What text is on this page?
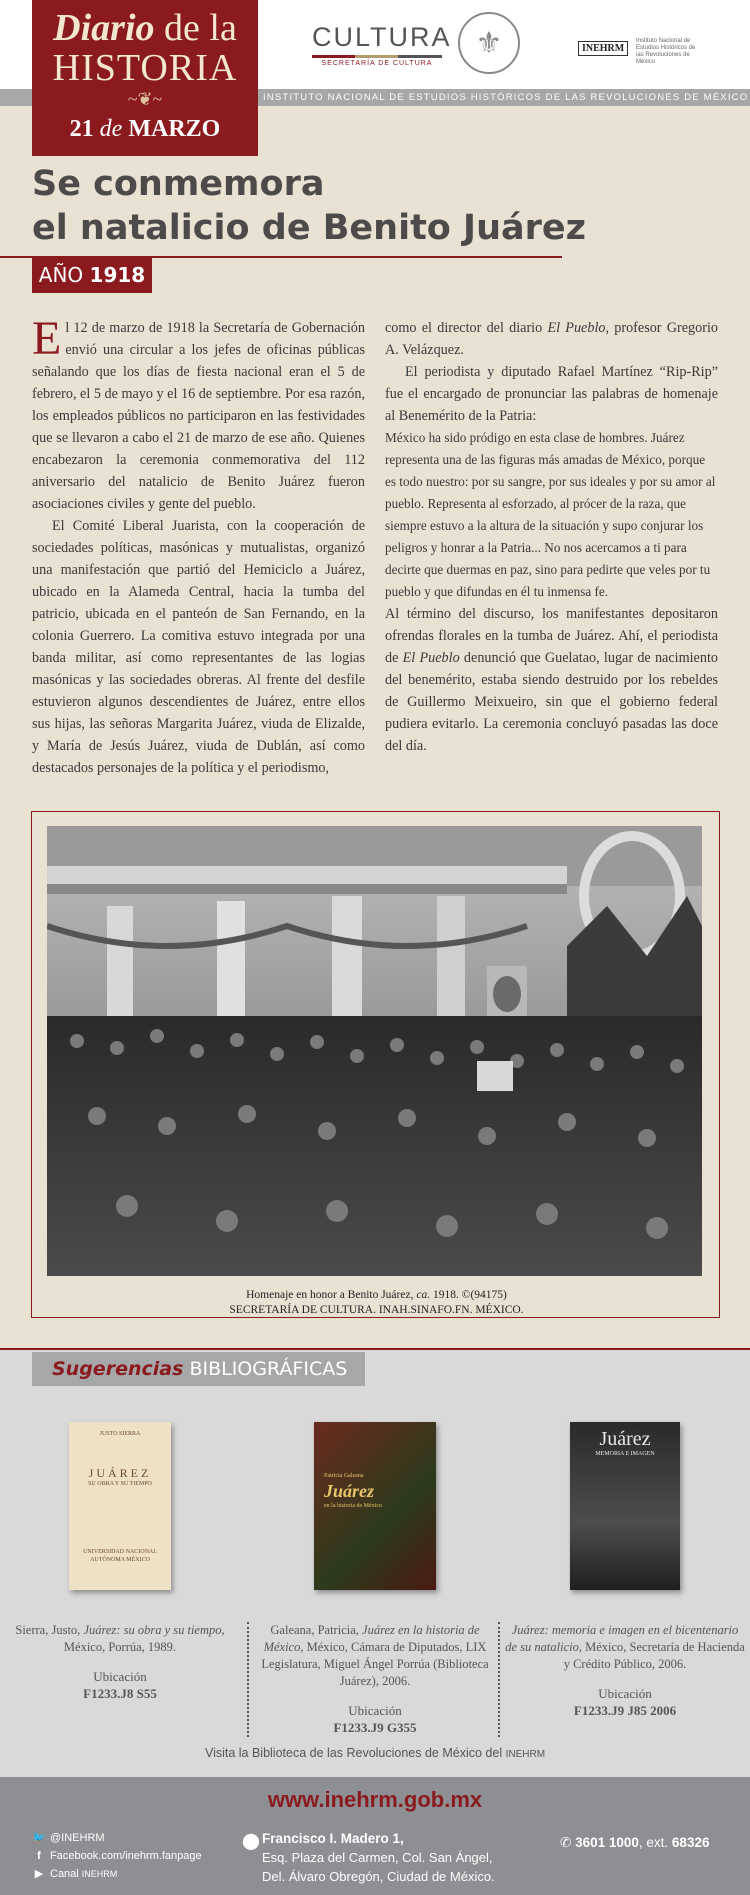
Diario de la
HISTORIA
~❦~
21 de MARZO
CULTURA
SECRETARÍA DE CULTURA
⚜	INEHRM
Instituto Nacional de Estudios Históricos de las Revoluciones de México
INSTITUTO NACIONAL DE ESTUDIOS HISTÓRICOS DE LAS REVOLUCIONES DE MÉXICO
Se conmemora
el natalicio de Benito Juárez
AÑO 1918

El 12 de marzo de 1918 la Secretaría de Gobernación envió una circular a los jefes de oficinas públicas señalando que los días de fiesta nacional eran el 5 de febrero, el 5 de mayo y el 16 de septiembre. Por esa razón, los empleados públicos no participaron en las festividades que se llevaron a cabo el 21 de marzo de ese año. Quienes encabezaron la ceremonia conmemorativa del 112 aniversario del natalicio de Benito Juárez fueron asociaciones civiles y gente del pueblo.

El Comité Liberal Juarista, con la cooperación de sociedades políticas, masónicas y mutualistas, organizó una manifestación que partió del Hemiciclo a Juárez, ubicado en la Alameda Central, hacia la tumba del patricio, ubicada en el panteón de San Fernando, en la colonia Guerrero. La comitiva estuvo integrada por una banda militar, así como representantes de las logias masónicas y las sociedades obreras. Al frente del desfile estuvieron algunos descendientes de Juárez, entre ellos sus hijas, las señoras Margarita Juárez, viuda de Elizalde, y María de Jesús Juárez, viuda de Dublán, así como destacados personajes de la política y el periodismo,

como el director del diario El Pueblo, profesor Gregorio A. Velázquez.

El periodista y diputado Rafael Martínez “Rip-Rip” fue el encargado de pronunciar las palabras de homenaje al Benemérito de la Patria:

México ha sido pródigo en esta clase de hombres. Juárez representa una de las figuras más amadas de México, porque es todo nuestro: por su sangre, por sus ideales y por su amor al pueblo. Representa al esforzado, al prócer de la raza, que siempre estuvo a la altura de la situación y supo conjurar los peligros y honrar a la Patria... No nos acercamos a ti para decirte que duermas en paz, sino para pedirte que veles por tu pueblo y que difundas en él tu inmensa fe.

Al término del discurso, los manifestantes depositaron ofrendas florales en la tumba de Juárez. Ahí, el periodista de El Pueblo denunció que Guelatao, lugar de nacimiento del benemérito, estaba siendo destruido por los rebeldes de Guillermo Meixueiro, sin que el gobierno federal pudiera evitarlo. La ceremonia concluyó pasadas las doce del día.

Homenaje en honor a Benito Juárez, ca. 1918. ©(94175)
SECRETARÍA DE CULTURA. INAH.SINAFO.FN. MÉXICO.
Sugerencias BIBLIOGRÁFICAS
JUSTO SIERRA
JUÁREZ
SU OBRA Y SU TIEMPO
UNIVERSIDAD NACIONAL AUTÓNOMA MÉXICO
Sierra, Justo, Juárez: su obra y su tiempo, México, Porrúa, 1989.
Ubicación
F1233.J8 S55
Patricia Galeana
Juárez
en la historia de México
Galeana, Patricia, Juárez en la historia de México, México, Cámara de Diputados, LIX Legislatura, Miguel Ángel Porrúa (Biblioteca Juárez), 2006.
Ubicación
F1233.J9 G355
Juárez
MEMORIA E IMAGEN
Juárez: memoria e imagen en el bicentenario de su natalicio, México, Secretaría de Hacienda y Crédito Público, 2006.
Ubicación
F1233.J9 J85 2006
Visita la Biblioteca de las Revoluciones de México del INEHRM
www.inehrm.gob.mx
🐦 @INEHRM
f Facebook.com/inehrm.fanpage
▶ Canal INEHRM
⬤ Francisco I. Madero 1,
Esq. Plaza del Carmen, Col. San Ángel,
Del. Álvaro Obregón, Ciudad de México.
✆ 3601 1000, ext. 68326
